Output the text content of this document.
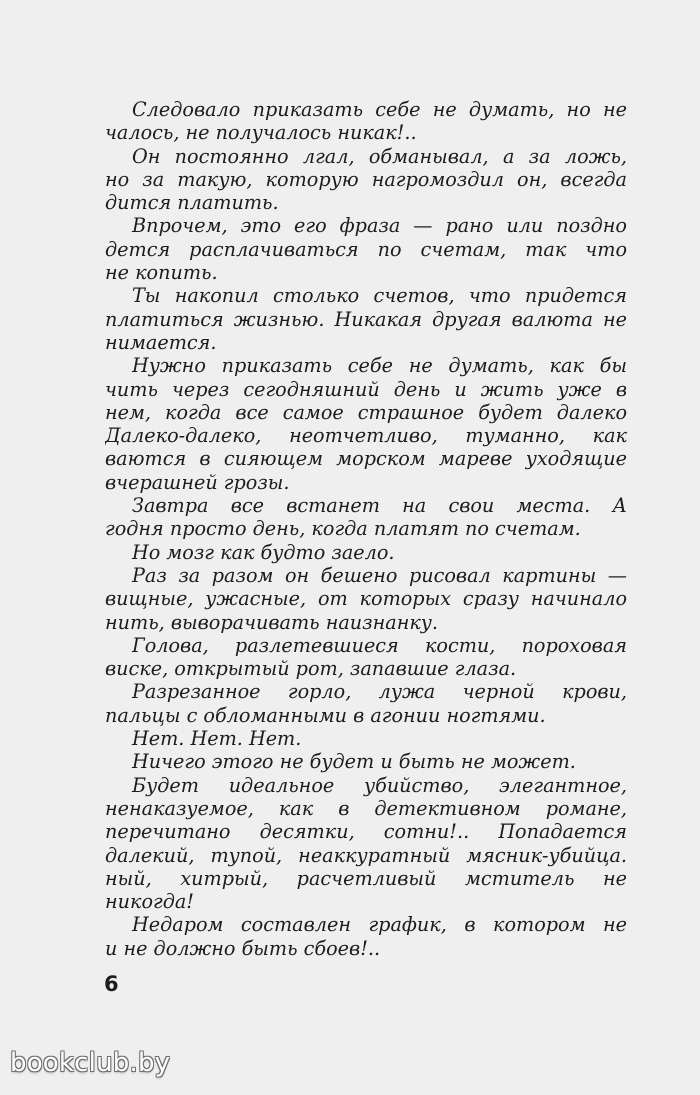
Следовало приказать себе не думать, но не
чалось, не получалось никак!..
Он постоянно лгал, обманывал, а за ложь,
но за такую, которую нагромоздил он, всегда
дится платить.
Впрочем, это его фраза — рано или поздно
дется расплачиваться по счетам, так что
не копить.
Ты накопил столько счетов, что придется
платиться жизнью. Никакая другая валюта не
нимается.
Нужно приказать себе не думать, как бы
чить через сегодняшний день и жить уже в
нем, когда все самое страшное будет далеко
Далеко-далеко, неотчетливо, туманно, как
ваются в сияющем морском мареве уходящие
вчерашней грозы.
Завтра все встанет на свои места. А
годня просто день, когда платят по счетам.
Но мозг как будто заело.
Раз за разом он бешено рисовал картины —
вищные, ужасные, от которых сразу начинало
нить, выворачивать наизнанку.
Голова, разлетевшиеся кости, пороховая
виске, открытый рот, запавшие глаза.
Разрезанное горло, лужа черной крови,
пальцы с обломанными в агонии ногтями.
Нет. Нет. Нет.
Ничего этого не будет и быть не может.
Будет идеальное убийство, элегантное,
ненаказуемое, как в детективном романе,
перечитано десятки, сотни!.. Попадается
далекий, тупой, неаккуратный мясник-убийца.
ный, хитрый, расчетливый мститель не
никогда!
Недаром составлен график, в котором не
и не должно быть сбоев!..
6
bookclub.by
